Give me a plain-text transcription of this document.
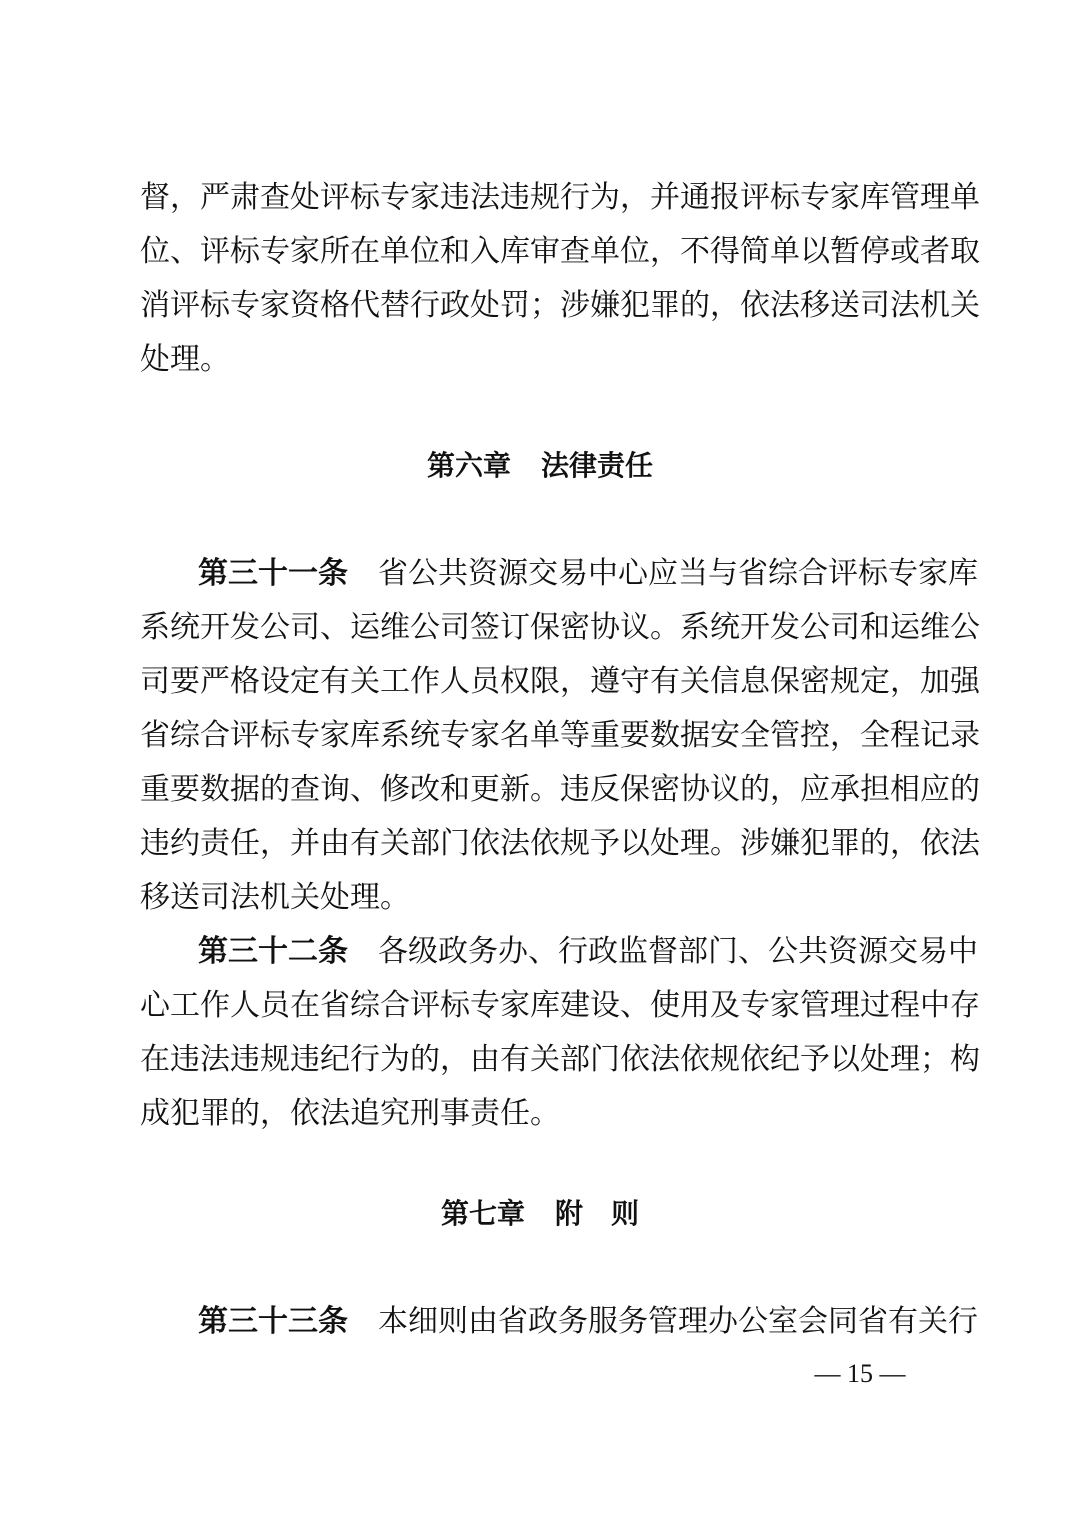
督，严肃查处评标专家违法违规行为，并通报评标专家库管理单
位、评标专家所在单位和入库审查单位，不得简单以暂停或者取
消评标专家资格代替行政处罚；涉嫌犯罪的，依法移送司法机关
处理。
第六章 法律责任
第三十一条 省公共资源交易中心应当与省综合评标专家库
系统开发公司、运维公司签订保密协议。系统开发公司和运维公
司要严格设定有关工作人员权限，遵守有关信息保密规定，加强
省综合评标专家库系统专家名单等重要数据安全管控，全程记录
重要数据的查询、修改和更新。违反保密协议的，应承担相应的
违约责任，并由有关部门依法依规予以处理。涉嫌犯罪的，依法
移送司法机关处理。
第三十二条 各级政务办、行政监督部门、公共资源交易中
心工作人员在省综合评标专家库建设、使用及专家管理过程中存
在违法违规违纪行为的，由有关部门依法依规依纪予以处理；构
成犯罪的，依法追究刑事责任。
第七章 附 则
第三十三条 本细则由省政务服务管理办公室会同省有关行
— 15 —
